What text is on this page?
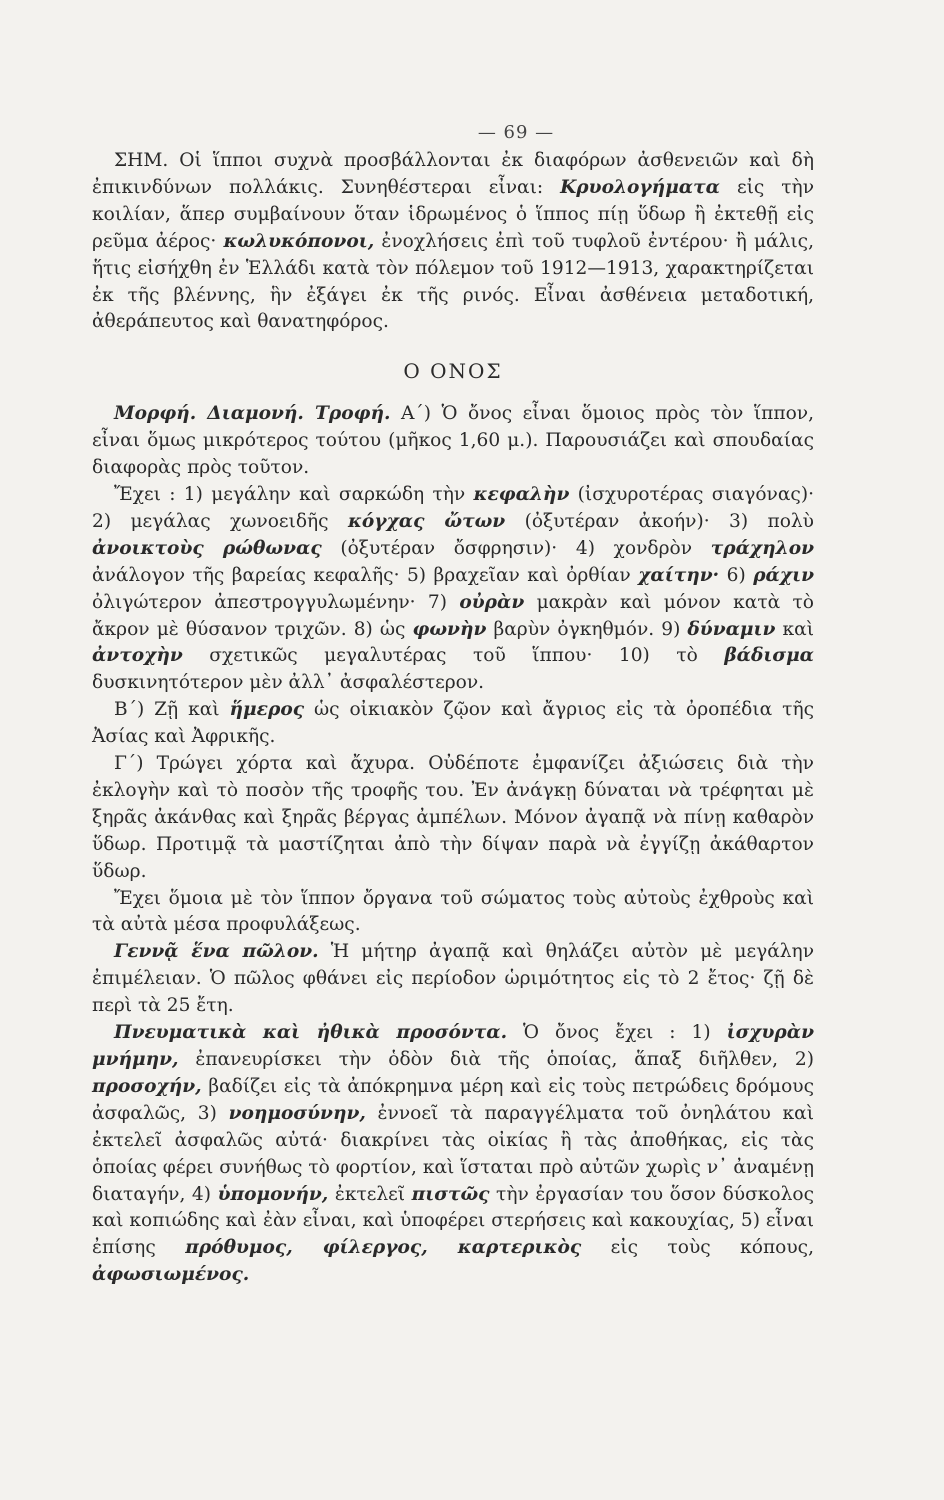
— 69 —

ΣΗΜ. Οἱ ἵπποι συχνὰ προσβάλλονται ἐκ διαφόρων ἀσθενειῶν καὶ δὴ ἐπικινδύνων πολλάκις. Συνηθέστεραι εἶναι: Κρυολογήματα εἰς τὴν κοιλίαν, ἅπερ συμβαίνουν ὅταν ἱδρωμένος ὁ ἵππος πίῃ ὕδωρ ἢ ἐκτεθῇ εἰς ρεῦμα ἀέρος· κωλυκόπονοι, ἐνοχλήσεις ἐπὶ τοῦ τυφλοῦ ἐντέρου· ἢ μάλις, ἥτις εἰσήχθη ἐν Ἑλλάδι κατὰ τὸν πόλεμον τοῦ 1912—1913, χαρακτηρίζεται ἐκ τῆς βλέννης, ἣν ἐξάγει ἐκ τῆς ρινός. Εἶναι ἀσθένεια μεταδοτική, ἀθεράπευτος καὶ θανατηφόρος.

Ο ΟΝΟΣ

Μορφή. Διαμονή. Τροφή. Α΄) Ὁ ὄνος εἶναι ὅμοιος πρὸς τὸν ἵππον, εἶναι ὅμως μικρότερος τούτου (μῆκος 1,60 μ.). Παρουσιάζει καὶ σπουδαίας διαφορὰς πρὸς τοῦτον.

Ἔχει : 1) μεγάλην καὶ σαρκώδη τὴν κεφαλὴν (ἰσχυροτέρας σιαγόνας)· 2) μεγάλας χωνοειδῆς κόγχας ὤτων (ὀξυτέραν ἀκοήν)· 3) πολὺ ἀνοικτοὺς ρώθωνας (ὀξυτέραν ὄσφρησιν)· 4) χονδρὸν τράχηλον ἀνάλογον τῆς βαρείας κεφαλῆς· 5) βραχεῖαν καὶ ὀρθίαν χαίτην· 6) ράχιν ὀλιγώτερον ἀπεστρογγυλωμένην· 7) οὐρὰν μακρὰν καὶ μόνον κατὰ τὸ ἄκρον μὲ θύσανον τριχῶν. 8) ὡς φωνὴν βαρὺν ὀγκηθμόν. 9) δύναμιν καὶ ἀντοχὴν σχετικῶς μεγαλυτέρας τοῦ ἵππου· 10) τὸ βάδισμα δυσκινητότερον μὲν ἀλλ᾽ ἀσφαλέστερον.

Β΄) Ζῇ καὶ ἥμερος ὡς οἰκιακὸν ζῷον καὶ ἄγριος εἰς τὰ ὀροπέδια τῆς Ἀσίας καὶ Ἀφρικῆς.

Γ΄) Τρώγει χόρτα καὶ ἄχυρα. Οὐδέποτε ἐμφανίζει ἀξιώσεις διὰ τὴν ἐκλογὴν καὶ τὸ ποσὸν τῆς τροφῆς του. Ἐν ἀνάγκῃ δύναται νὰ τρέφηται μὲ ξηρᾶς ἀκάνθας καὶ ξηρᾶς βέργας ἀμπέλων. Μόνον ἀγαπᾷ νὰ πίνῃ καθαρὸν ὕδωρ. Προτιμᾷ τὰ μαστίζηται ἀπὸ τὴν δίψαν παρὰ νὰ ἐγγίζῃ ἀκάθαρτον ὕδωρ.

Ἔχει ὅμοια μὲ τὸν ἵππον ὄργανα τοῦ σώματος τοὺς αὐτοὺς ἐχθροὺς καὶ τὰ αὐτὰ μέσα προφυλάξεως.

Γεννᾷ ἕνα πῶλον. Ἡ μήτηρ ἀγαπᾷ καὶ θηλάζει αὐτὸν μὲ μεγάλην ἐπιμέλειαν. Ὁ πῶλος φθάνει εἰς περίοδον ὡριμότητος εἰς τὸ 2 ἔτος· ζῇ δὲ περὶ τὰ 25 ἔτη.

Πνευματικὰ καὶ ἠθικὰ προσόντα. Ὁ ὄνος ἔχει : 1) ἰσχυρὰν μνήμην, ἐπανευρίσκει τὴν ὁδὸν διὰ τῆς ὁποίας, ἅπαξ διῆλθεν, 2) προσοχήν, βαδίζει εἰς τὰ ἀπόκρημνα μέρη καὶ εἰς τοὺς πετρώδεις δρόμους ἀσφαλῶς, 3) νοημοσύνην, ἐννοεῖ τὰ παραγγέλματα τοῦ ὀνηλάτου καὶ ἐκτελεῖ ἀσφαλῶς αὐτά· διακρίνει τὰς οἰκίας ἢ τὰς ἀποθήκας, εἰς τὰς ὁποίας φέρει συνήθως τὸ φορτίον, καὶ ἵσταται πρὸ αὐτῶν χωρὶς ν᾽ ἀναμένῃ διαταγήν, 4) ὑπομονήν, ἐκτελεῖ πιστῶς τὴν ἐργασίαν του ὅσον δύσκολος καὶ κοπιώδης καὶ ἐὰν εἶναι, καὶ ὑποφέρει στερήσεις καὶ κακουχίας, 5) εἶναι ἐπίσης πρόθυμος, φίλεργος, καρτερικὸς εἰς τοὺς κόπους, ἀφωσιωμένος.
